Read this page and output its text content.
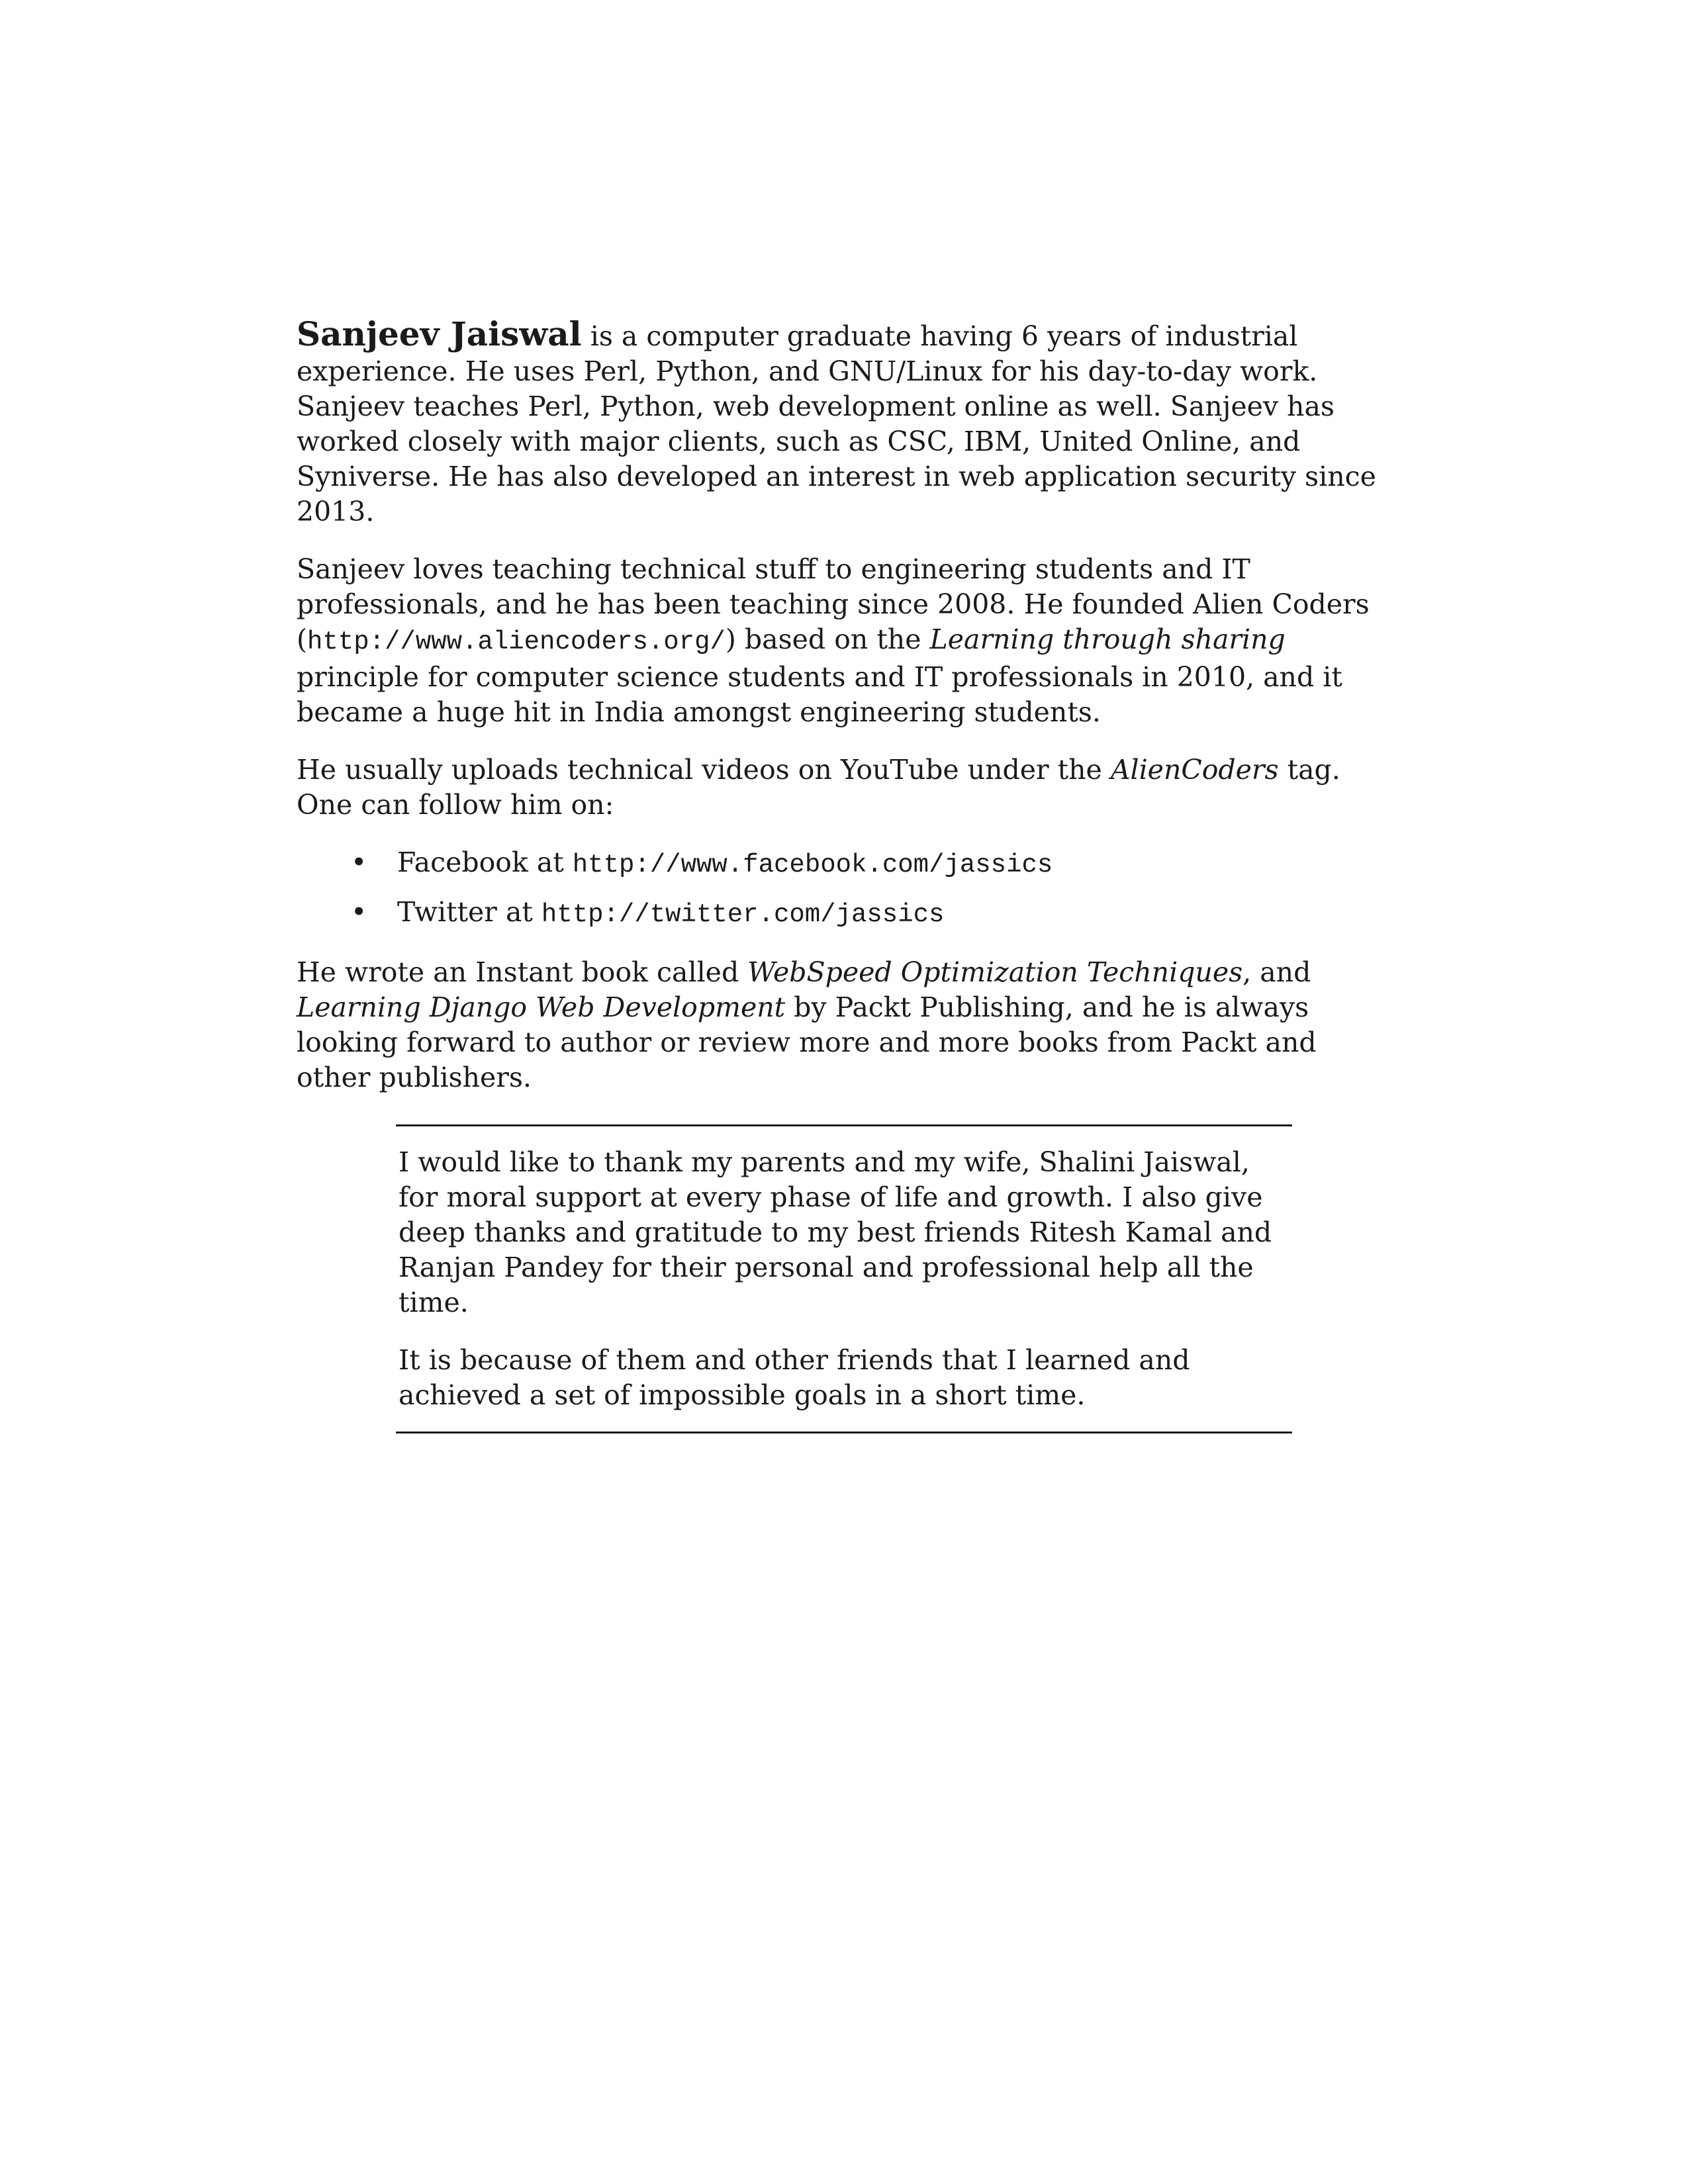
Sanjeev Jaiswal is a computer graduate having 6 years of industrial experience. He uses Perl, Python, and GNU/Linux for his day-to-day work. Sanjeev teaches Perl, Python, web development online as well. Sanjeev has worked closely with major clients, such as CSC, IBM, United Online, and Syniverse. He has also developed an interest in web application security since 2013.

Sanjeev loves teaching technical stuff to engineering students and IT professionals, and he has been teaching since 2008. He founded Alien Coders (http://www.aliencoders.org/) based on the Learning through sharing principle for computer science students and IT professionals in 2010, and it became a huge hit in India amongst engineering students.

He usually uploads technical videos on YouTube under the AlienCoders tag. One can follow him on:

• Facebook at http://www.facebook.com/jassics
• Twitter at http://twitter.com/jassics

He wrote an Instant book called WebSpeed Optimization Techniques, and Learning Django Web Development by Packt Publishing, and he is always looking forward to author or review more and more books from Packt and other publishers.

I would like to thank my parents and my wife, Shalini Jaiswal, for moral support at every phase of life and growth. I also give deep thanks and gratitude to my best friends Ritesh Kamal and Ranjan Pandey for their personal and professional help all the time.

It is because of them and other friends that I learned and achieved a set of impossible goals in a short time.
